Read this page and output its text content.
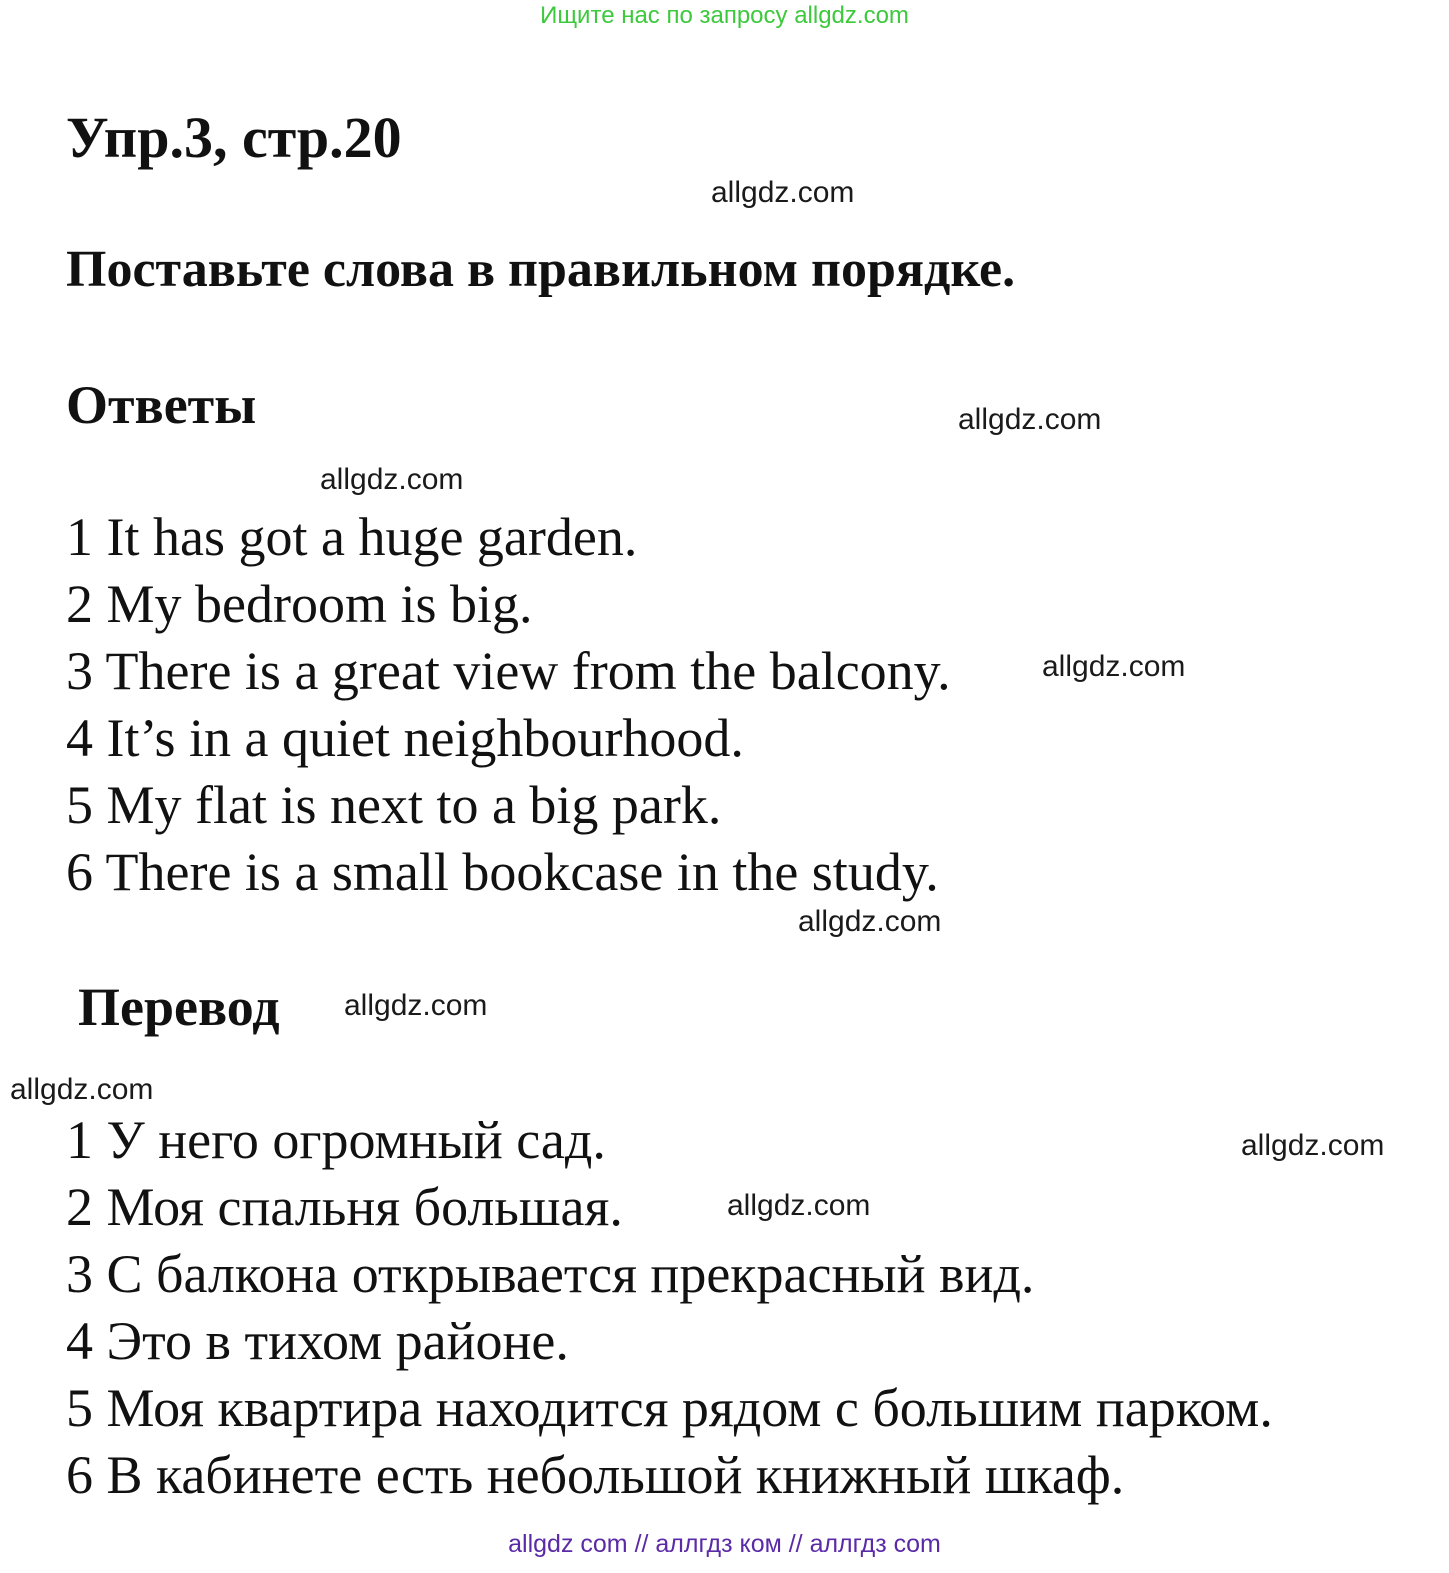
Ищите нас по запросу allgdz.com
Упр.3, стр.20
allgdz.com
Поставьте слова в правильном порядке.
Ответы	allgdz.com
allgdz.com
1 It has got a huge garden.
2 My bedroom is big.
3 There is a great view from the balcony.	allgdz.com
4 It’s in a quiet neighbourhood.
5 My flat is next to a big park.
6 There is a small bookcase in the study.
allgdz.com
Перевод allgdz.com
allgdz.com
1 У него огромный сад.	allgdz.com
2 Моя спальня большая.	allgdz.com
3 С балкона открывается прекрасный вид.
4 Это в тихом районе.
5 Моя квартира находится рядом с большим парком.
6 В кабинете есть небольшой книжный шкаф.
allgdz com // аллгдз ком // аллгдз com
